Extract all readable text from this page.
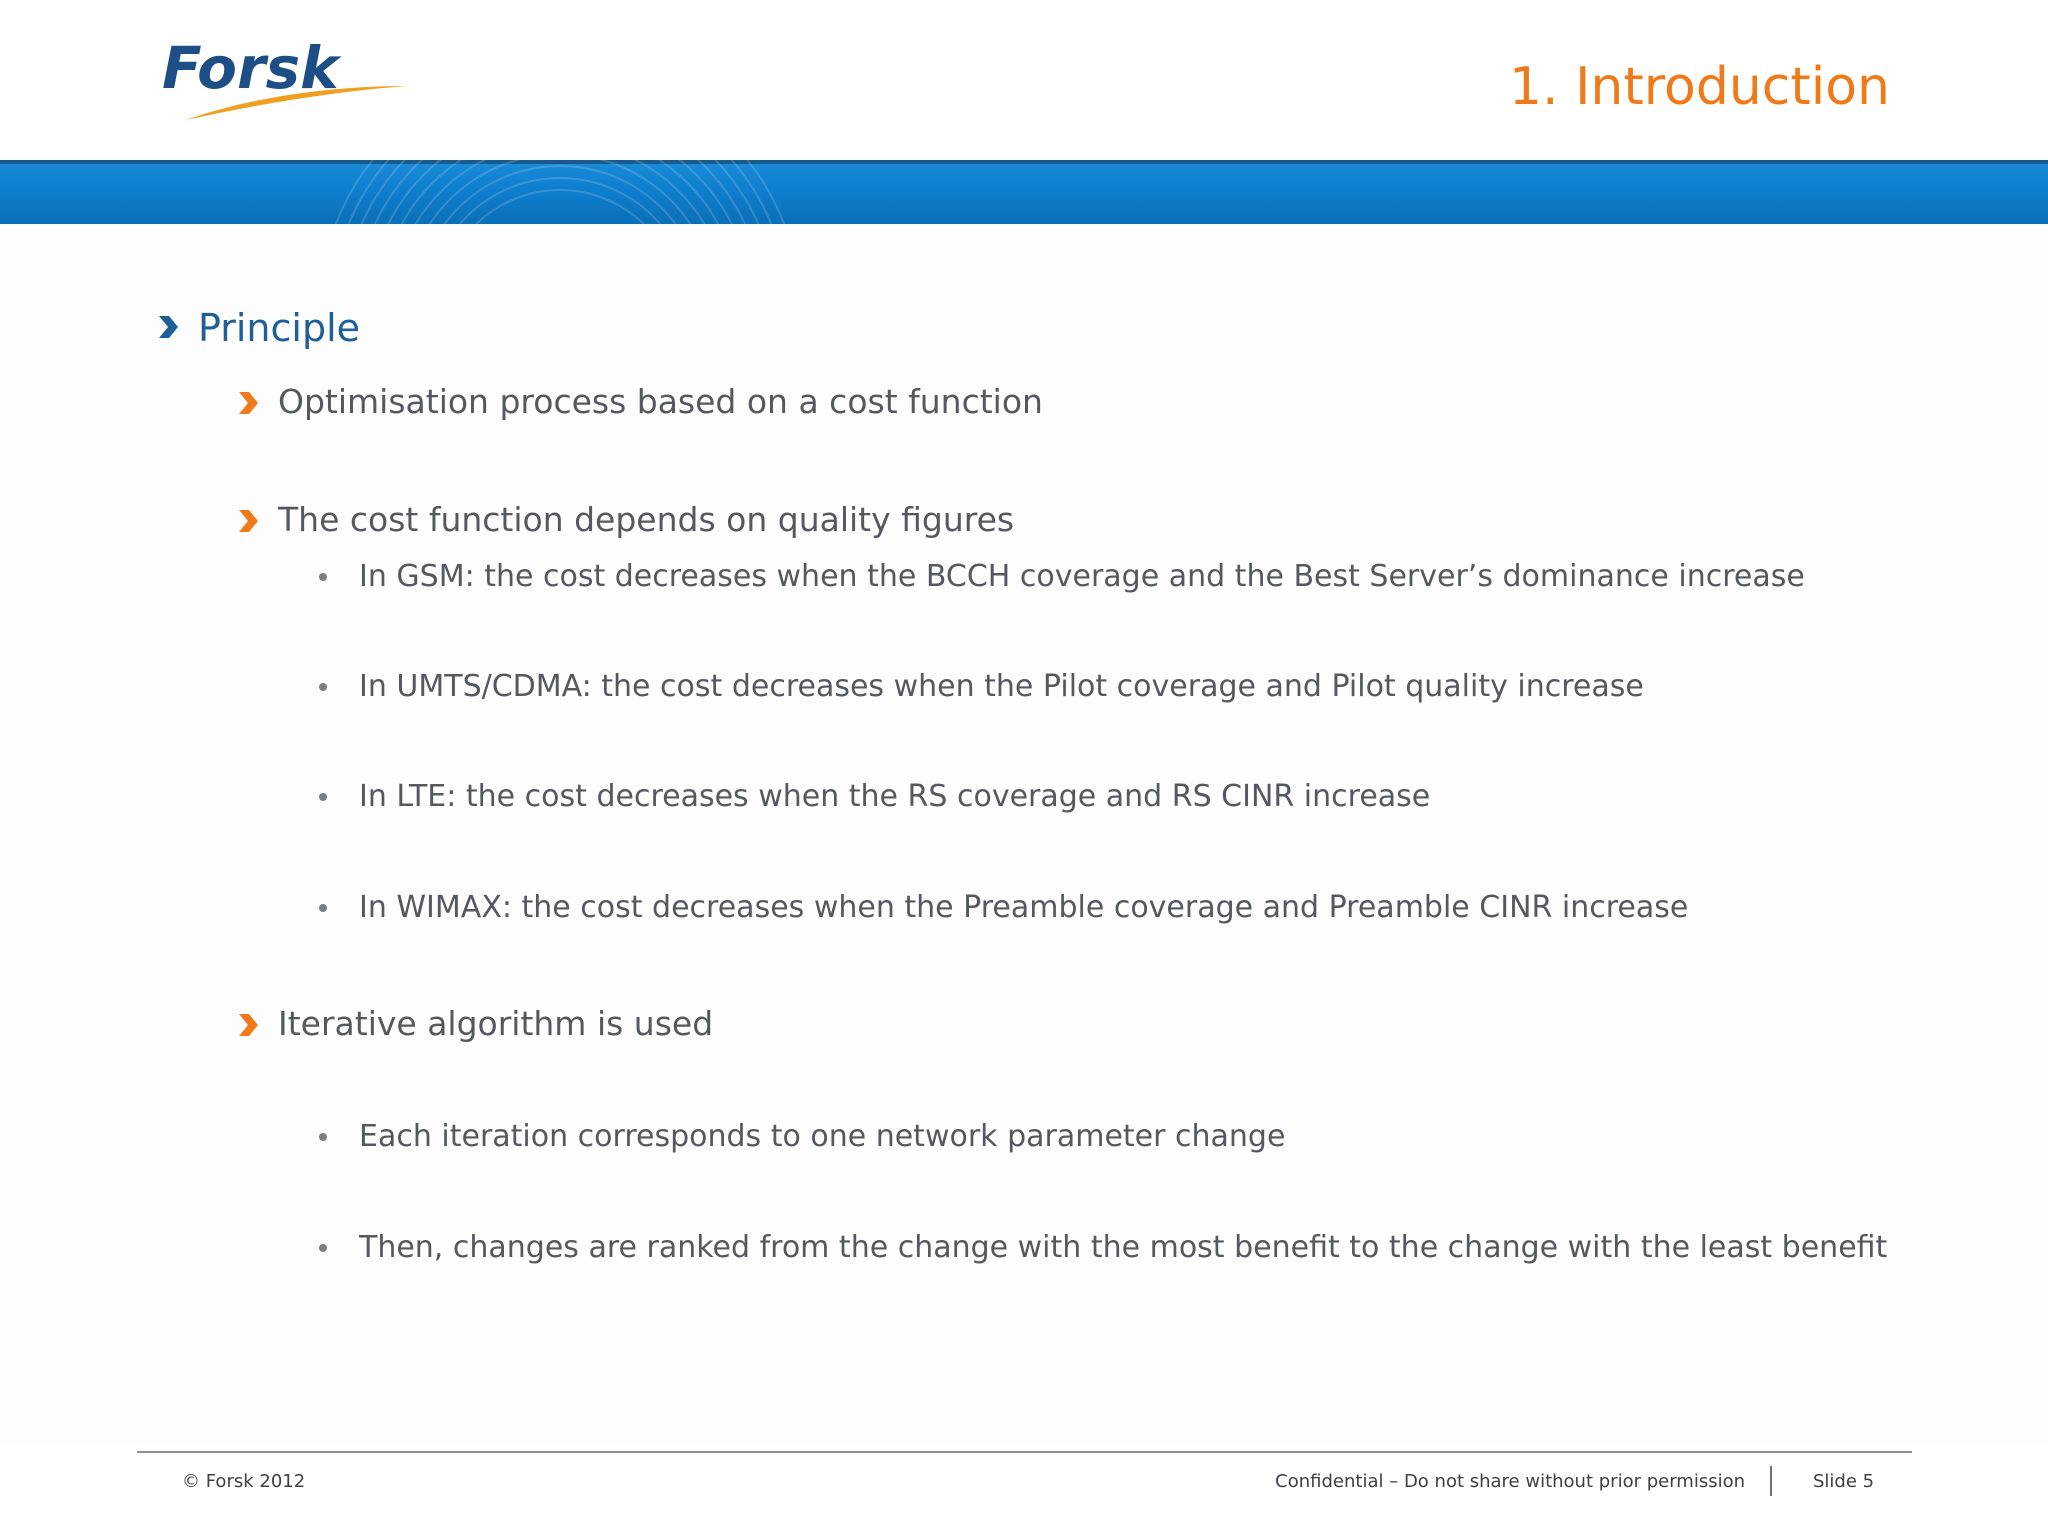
Forsk	1. Introduction
Principle
Optimisation process based on a cost function
The cost function depends on quality figures
In GSM: the cost decreases when the BCCH coverage and the Best Server’s dominance increase
In UMTS/CDMA: the cost decreases when the Pilot coverage and Pilot quality increase
In LTE: the cost decreases when the RS coverage and RS CINR increase
In WIMAX: the cost decreases when the Preamble coverage and Preamble CINR increase
Iterative algorithm is used
Each iteration corresponds to one network parameter change
Then, changes are ranked from the change with the most benefit to the change with the least benefit
© Forsk 2012	Confidential – Do not share without prior permission	Slide 5
